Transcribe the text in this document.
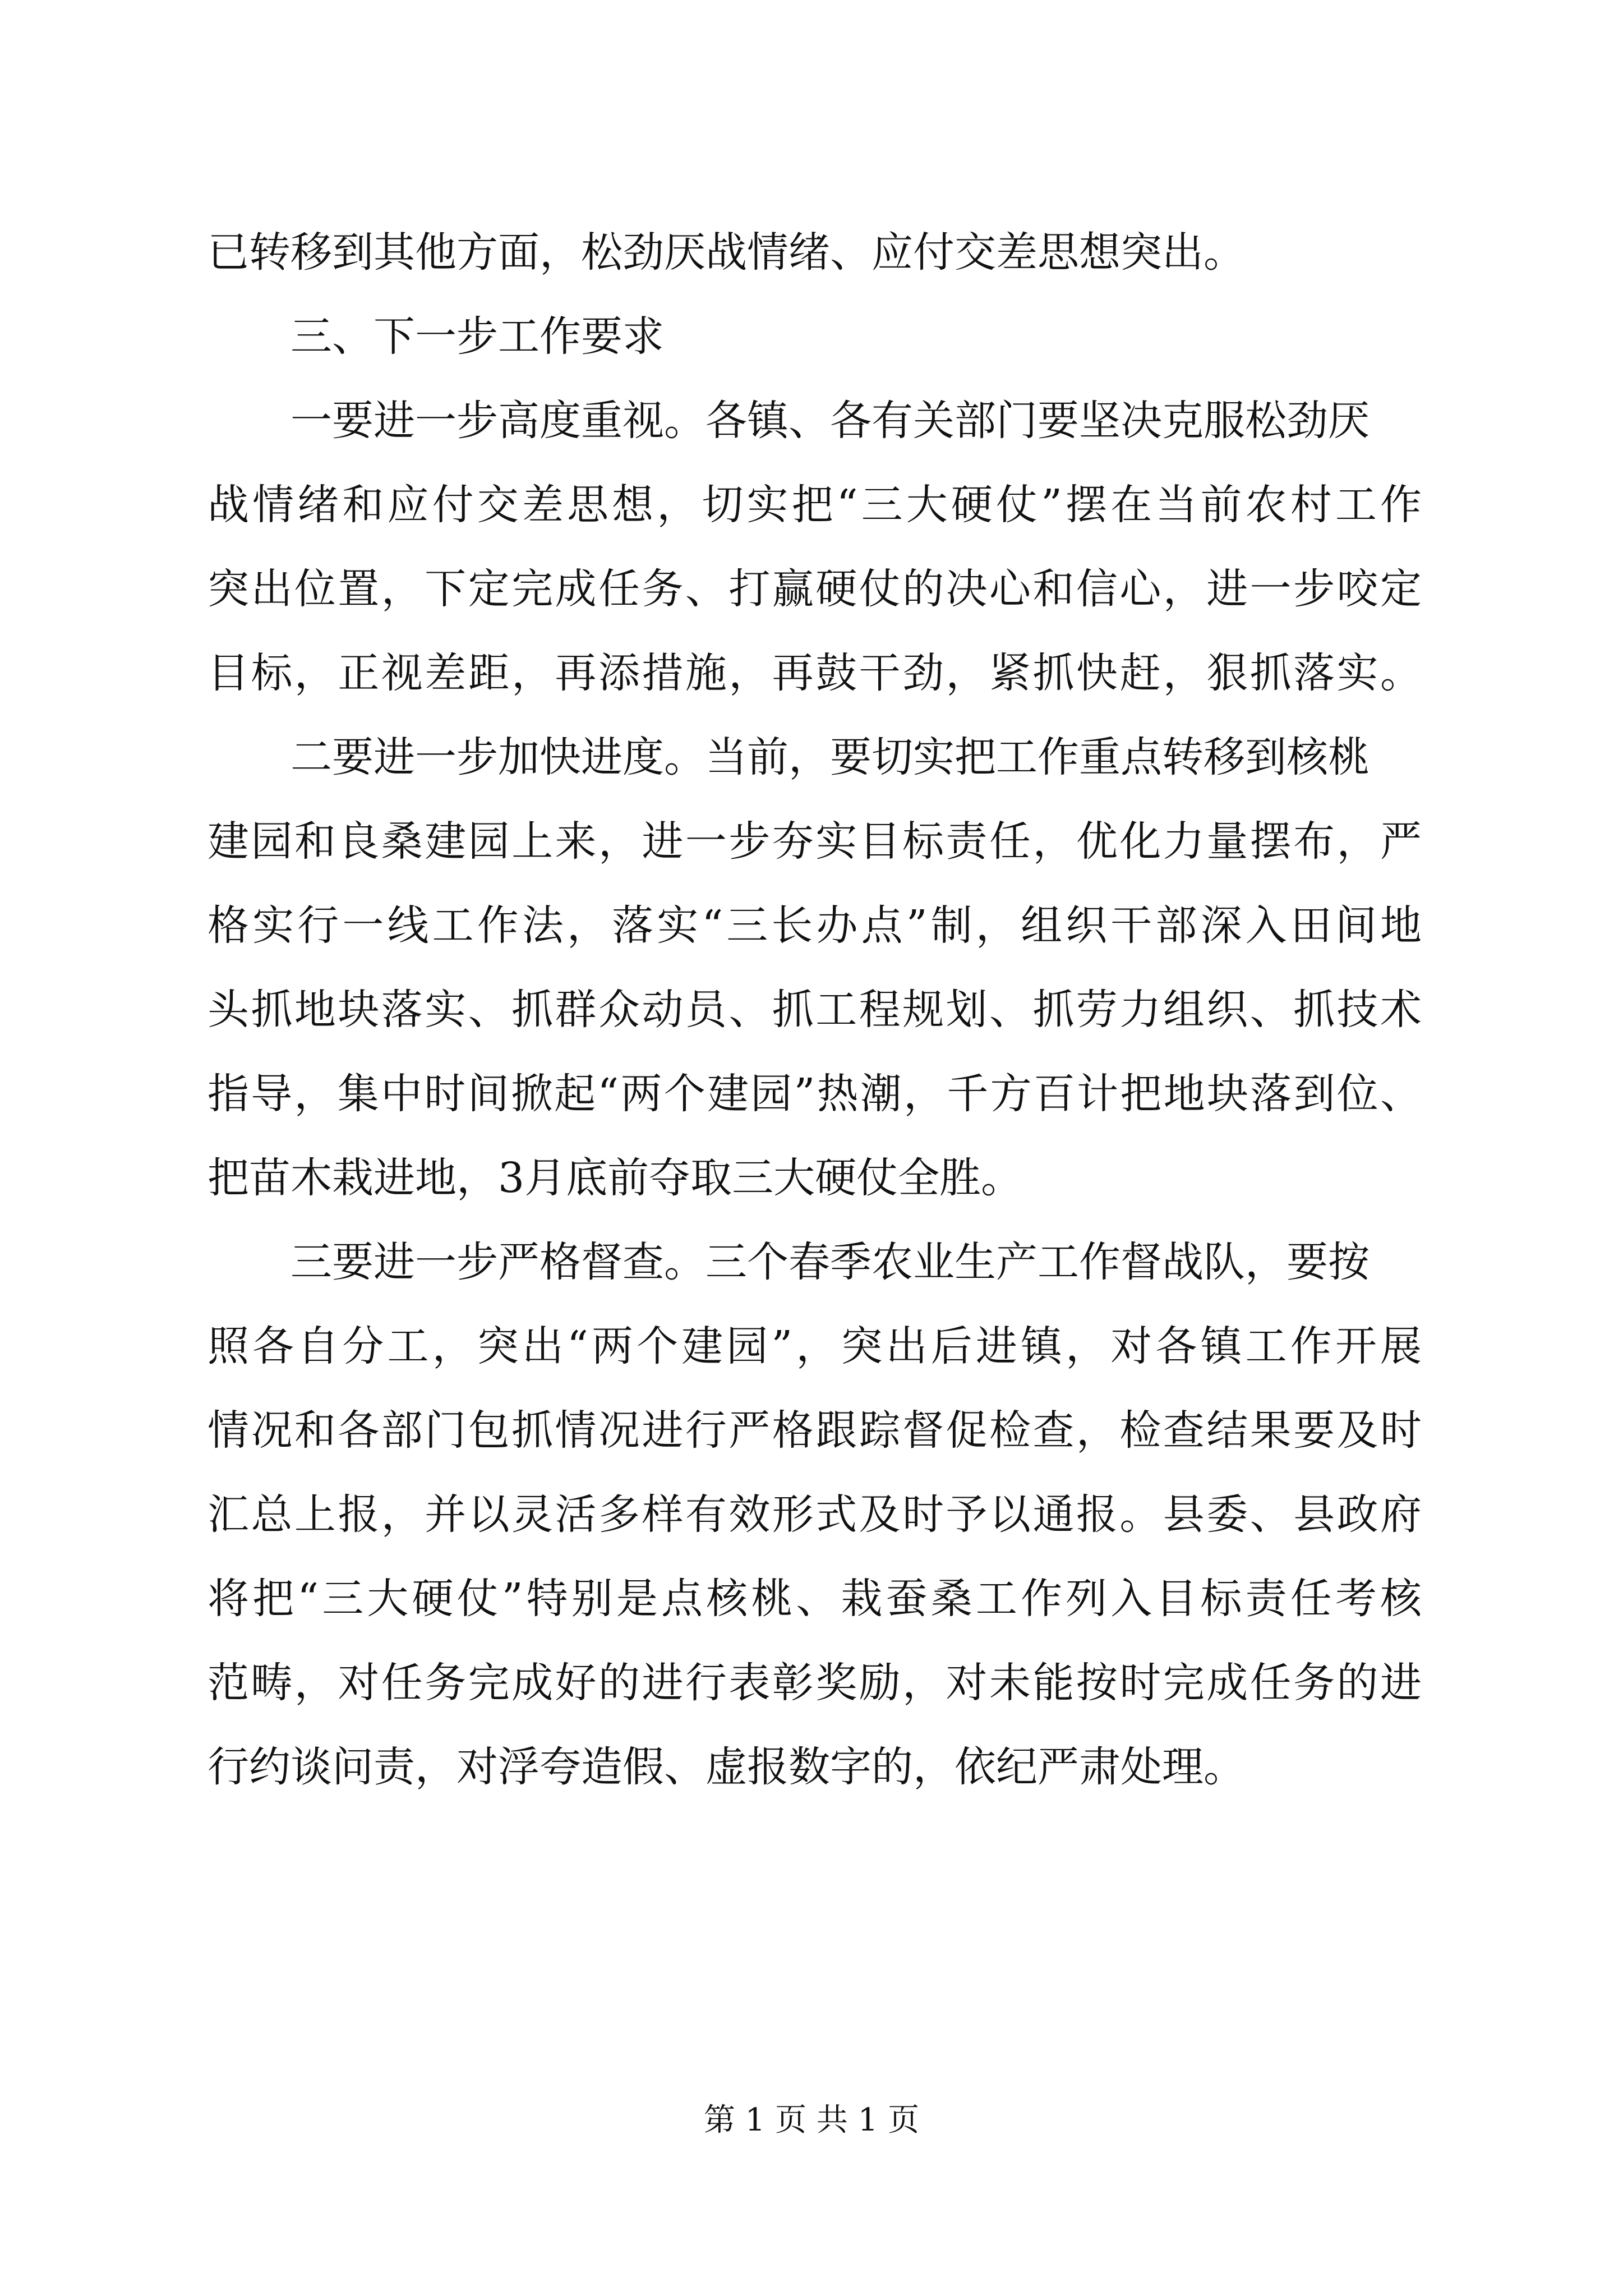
已转移到其他方面，松劲厌战情绪、应付交差思想突出。
三、下一步工作要求
一要进一步高度重视。各镇、各有关部门要坚决克服松劲厌
战情绪和应付交差思想，切实把“三大硬仗”摆在当前农村工作
突出位置，下定完成任务、打赢硬仗的决心和信心，进一步咬定
目标，正视差距，再添措施，再鼓干劲，紧抓快赶，狠抓落实。
二要进一步加快进度。当前，要切实把工作重点转移到核桃
建园和良桑建园上来，进一步夯实目标责任，优化力量摆布，严
格实行一线工作法，落实“三长办点”制，组织干部深入田间地
头抓地块落实、抓群众动员、抓工程规划、抓劳力组织、抓技术
指导，集中时间掀起“两个建园”热潮，千方百计把地块落到位、
把苗木栽进地，3月底前夺取三大硬仗全胜。
三要进一步严格督查。三个春季农业生产工作督战队，要按
照各自分工，突出“两个建园”，突出后进镇，对各镇工作开展
情况和各部门包抓情况进行严格跟踪督促检查，检查结果要及时
汇总上报，并以灵活多样有效形式及时予以通报。县委、县政府
将把“三大硬仗”特别是点核桃、栽蚕桑工作列入目标责任考核
范畴，对任务完成好的进行表彰奖励，对未能按时完成任务的进
行约谈问责，对浮夸造假、虚报数字的，依纪严肃处理。
第 1 页 共 1 页
